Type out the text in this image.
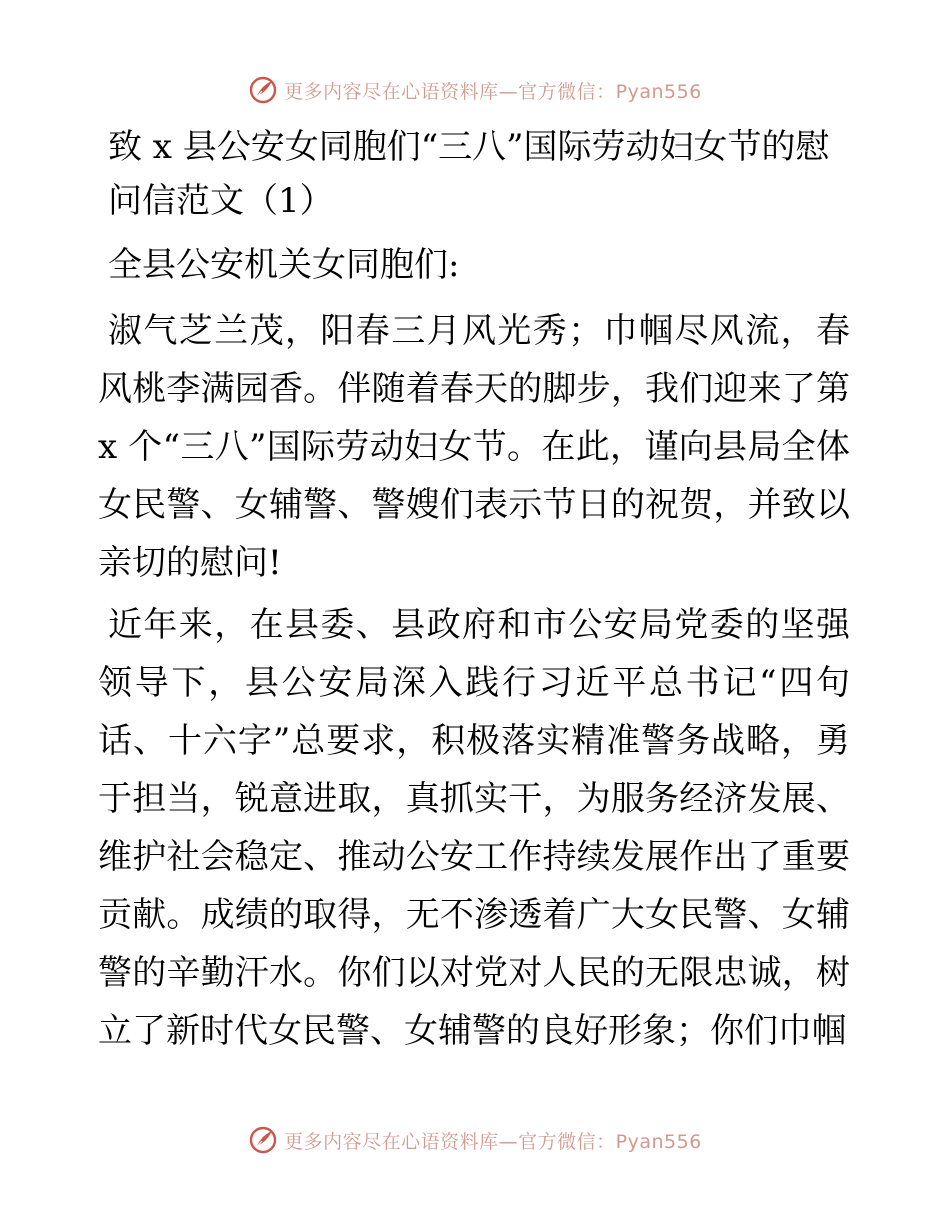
更多内容尽在心语资料库—官方微信：Pyan556
致 x 县公安女同胞们“三八”国际劳动妇女节的慰问信范文（1）

全县公安机关女同胞们:

淑气芝兰茂，阳春三月风光秀；巾帼尽风流，春风桃李满园香。伴随着春天的脚步，我们迎来了第 x 个“三八”国际劳动妇女节。在此，谨向县局全体女民警、女辅警、警嫂们表示节日的祝贺，并致以亲切的慰问!

近年来，在县委、县政府和市公安局党委的坚强领导下，县公安局深入践行习近平总书记“四句话、十六字”总要求，积极落实精准警务战略，勇于担当，锐意进取，真抓实干，为服务经济发展、维护社会稳定、推动公安工作持续发展作出了重要贡献。成绩的取得，无不渗透着广大女民警、女辅警的辛勤汗水。你们以对党对人民的无限忠诚，树立了新时代女民警、女辅警的良好形象；你们巾帼

更多内容尽在心语资料库—官方微信：Pyan556
